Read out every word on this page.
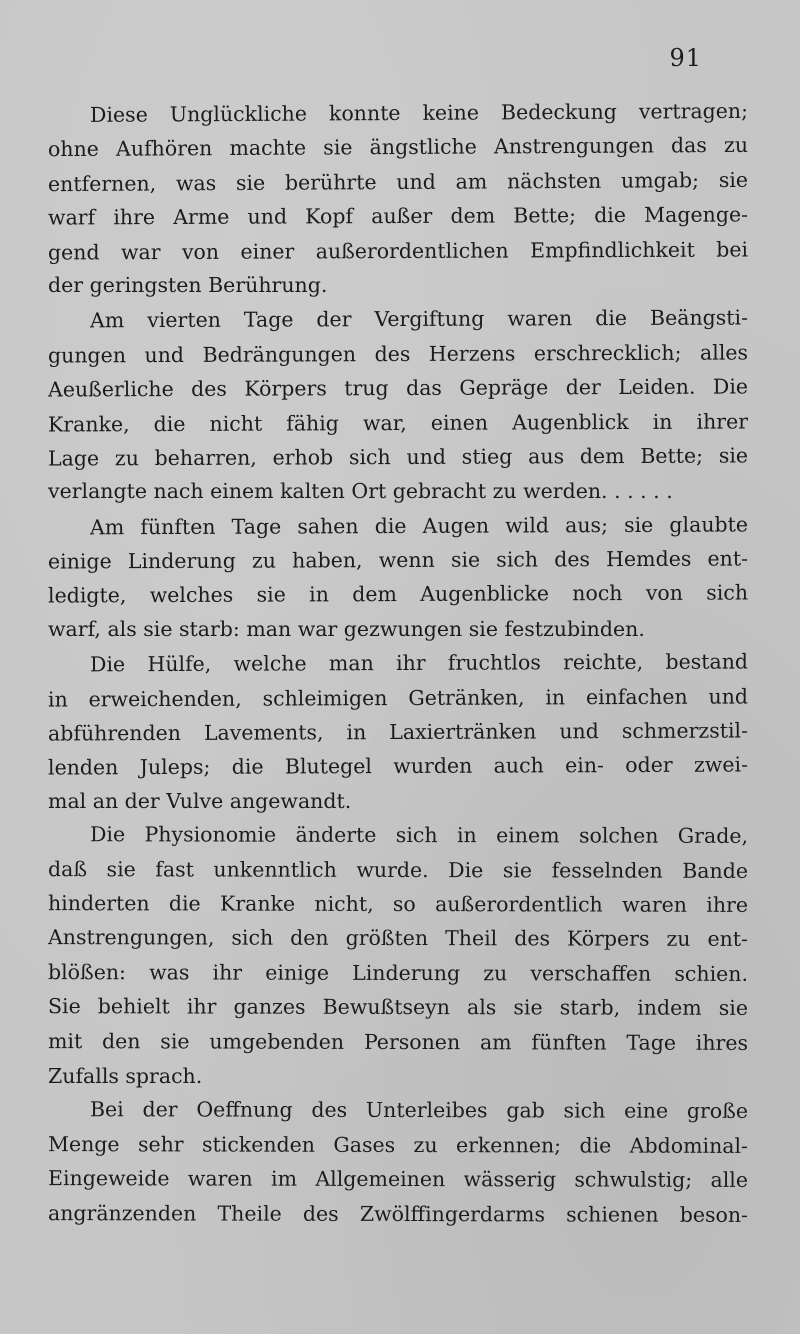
91
Diese Unglückliche konnte keine Bedeckung vertragen;
ohne Aufhören machte sie ängstliche Anstrengungen das zu
entfernen, was sie berührte und am nächsten umgab; sie
warf ihre Arme und Kopf außer dem Bette; die Magenge-
gend war von einer außerordentlichen Empfindlichkeit bei
der geringsten Berührung.
Am vierten Tage der Vergiftung waren die Beängsti-
gungen und Bedrängungen des Herzens erschrecklich; alles
Aeußerliche des Körpers trug das Gepräge der Leiden. Die
Kranke, die nicht fähig war, einen Augenblick in ihrer
Lage zu beharren, erhob sich und stieg aus dem Bette; sie
verlangte nach einem kalten Ort gebracht zu werden. . . . . .
Am fünften Tage sahen die Augen wild aus; sie glaubte
einige Linderung zu haben, wenn sie sich des Hemdes ent-
ledigte, welches sie in dem Augenblicke noch von sich
warf, als sie starb: man war gezwungen sie festzubinden.
Die Hülfe, welche man ihr fruchtlos reichte, bestand
in erweichenden, schleimigen Getränken, in einfachen und
abführenden Lavements, in Laxiertränken und schmerzstil-
lenden Juleps; die Blutegel wurden auch ein- oder zwei-
mal an der Vulve angewandt.
Die Physionomie änderte sich in einem solchen Grade,
daß sie fast unkenntlich wurde. Die sie fesselnden Bande
hinderten die Kranke nicht, so außerordentlich waren ihre
Anstrengungen, sich den größten Theil des Körpers zu ent-
blößen: was ihr einige Linderung zu verschaffen schien.
Sie behielt ihr ganzes Bewußtseyn als sie starb, indem sie
mit den sie umgebenden Personen am fünften Tage ihres
Zufalls sprach.
Bei der Oeffnung des Unterleibes gab sich eine große
Menge sehr stickenden Gases zu erkennen; die Abdominal-
Eingeweide waren im Allgemeinen wässerig schwulstig; alle
angränzenden Theile des Zwölffingerdarms schienen beson-
